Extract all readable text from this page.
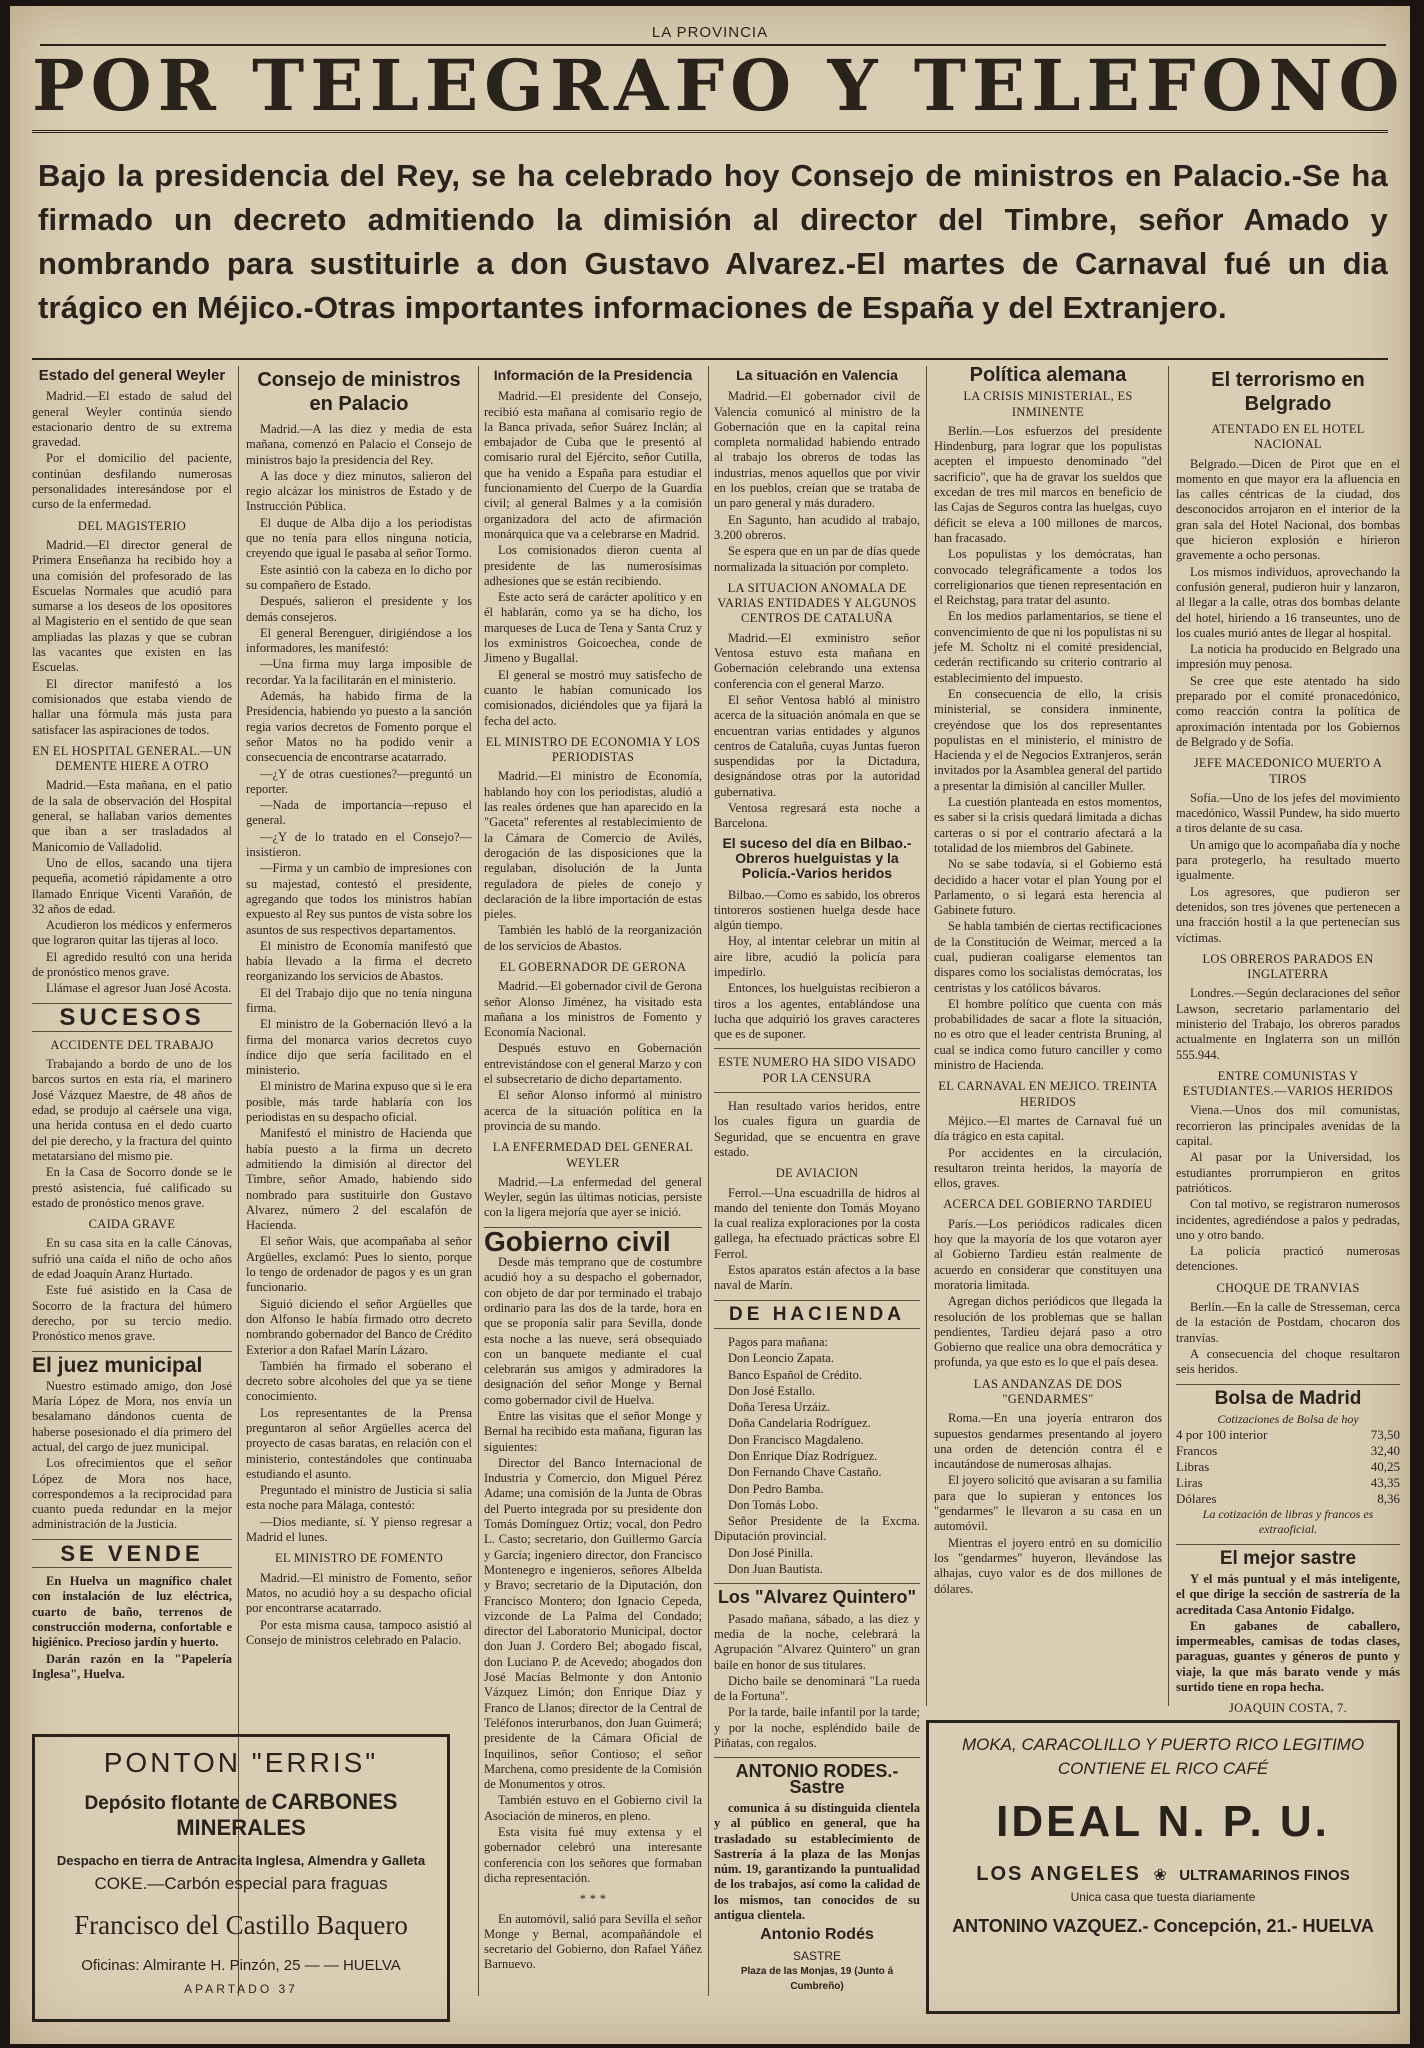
LA PROVINCIA
POR TELEGRAFO Y TELEFONO
Bajo la presidencia del Rey, se ha celebrado hoy Consejo de ministros en Palacio.-Se ha firmado un decreto admitiendo la dimisión al director del Timbre, señor Amado y nombrando para sustituirle a don Gustavo Alvarez.-El martes de Carnaval fué un dia trágico en Méjico.-Otras importantes informaciones de España y del Extranjero.
Estado del general Weyler

Madrid.—El estado de salud del general Weyler continúa siendo estacionario dentro de su extrema gravedad.

Por el domicilio del paciente, continúan desfilando numerosas personalidades interesándose por el curso de la enfermedad.

DEL MAGISTERIO

Madrid.—El director general de Primera Enseñanza ha recibido hoy a una comisión del profesorado de las Escuelas Normales que acudió para sumarse a los deseos de los opositores al Magisterio en el sentido de que sean ampliadas las plazas y que se cubran las vacantes que existen en las Escuelas.

El director manifestó a los comisionados que estaba viendo de hallar una fórmula más justa para satisfacer las aspiraciones de todos.

EN EL HOSPITAL GENERAL.—UN DEMENTE HIERE A OTRO

Madrid.—Esta mañana, en el patio de la sala de observación del Hospital general, se hallaban varios dementes que iban a ser trasladados al Manicomio de Valladolid.

Uno de ellos, sacando una tijera pequeña, acometió rápidamente a otro llamado Enrique Vicenti Varañón, de 32 años de edad.

Acudieron los médicos y enfermeros que lograron quitar las tijeras al loco.

El agredido resultó con una herida de pronóstico menos grave.

Llámase el agresor Juan José Acosta.

SUCESOS
ACCIDENTE DEL TRABAJO

Trabajando a bordo de uno de los barcos surtos en esta ría, el marinero José Vázquez Maestre, de 48 años de edad, se produjo al caérsele una viga, una herida contusa en el dedo cuarto del pie derecho, y la fractura del quinto metatarsiano del mismo pie.

En la Casa de Socorro donde se le prestó asistencia, fué calificado su estado de pronóstico menos grave.

CAIDA GRAVE

En su casa sita en la calle Cánovas, sufrió una caída el niño de ocho años de edad Joaquín Aranz Hurtado.

Este fué asistido en la Casa de Socorro de la fractura del húmero derecho, por su tercio medio. Pronóstico menos grave.

El juez municipal

Nuestro estimado amigo, don José María López de Mora, nos envía un besalamano dándonos cuenta de haberse posesionado el día primero del actual, del cargo de juez municipal.

Los ofrecimientos que el señor López de Mora nos hace, correspondemos a la reciprocidad para cuanto pueda redundar en la mejor administración de la Justicia.

SE VENDE

En Huelva un magnífico chalet con instalación de luz eléctrica, cuarto de baño, terrenos de construcción moderna, confortable e higiénico. Precioso jardín y huerto.

Darán razón en la "Papelería Inglesa", Huelva.

Consejo de ministros en Palacio

Madrid.—A las diez y media de esta mañana, comenzó en Palacio el Consejo de ministros bajo la presidencia del Rey.

A las doce y diez minutos, salieron del regio alcázar los ministros de Estado y de Instrucción Pública.

El duque de Alba dijo a los periodistas que no tenía para ellos ninguna noticia, creyendo que igual le pasaba al señor Tormo.

Este asintió con la cabeza en lo dicho por su compañero de Estado.

Después, salieron el presidente y los demás consejeros.

El general Berenguer, dirigiéndose a los informadores, les manifestó:

—Una firma muy larga imposible de recordar. Ya la facilitarán en el ministerio.

Además, ha habido firma de la Presidencia, habiendo yo puesto a la sanción regia varios decretos de Fomento porque el señor Matos no ha podido venir a consecuencia de encontrarse acatarrado.

—¿Y de otras cuestiones?—preguntó un reporter.

—Nada de importancia—repuso el general.

—¿Y de lo tratado en el Consejo?—insistieron.

—Firma y un cambio de impresiones con su majestad, contestó el presidente, agregando que todos los ministros habían expuesto al Rey sus puntos de vista sobre los asuntos de sus respectivos departamentos.

El ministro de Economía manifestó que había llevado a la firma el decreto reorganizando los servicios de Abastos.

El del Trabajo dijo que no tenía ninguna firma.

El ministro de la Gobernación llevó a la firma del monarca varios decretos cuyo índice dijo que sería facilitado en el ministerio.

El ministro de Marina expuso que si le era posible, más tarde hablaría con los periodistas en su despacho oficial.

Manifestó el ministro de Hacienda que había puesto a la firma un decreto admitiendo la dimisión al director del Timbre, señor Amado, habiendo sido nombrado para sustituirle don Gustavo Alvarez, número 2 del escalafón de Hacienda.

El señor Wais, que acompañaba al señor Argüelles, exclamó: Pues lo siento, porque lo tengo de ordenador de pagos y es un gran funcionario.

Siguió diciendo el señor Argüelles que don Alfonso le había firmado otro decreto nombrando gobernador del Banco de Crédito Exterior a don Rafael Marín Lázaro.

También ha firmado el soberano el decreto sobre alcoholes del que ya se tiene conocimiento.

Los representantes de la Prensa preguntaron al señor Argüelles acerca del proyecto de casas baratas, en relación con el ministerio, contestándoles que continuaba estudiando el asunto.

Preguntado el ministro de Justicia si salía esta noche para Málaga, contestó:

—Dios mediante, sí. Y pienso regresar a Madrid el lunes.

EL MINISTRO DE FOMENTO

Madrid.—El ministro de Fomento, señor Matos, no acudió hoy a su despacho oficial por encontrarse acatarrado.

Por esta misma causa, tampoco asistió al Consejo de ministros celebrado en Palacio.

Información de la Presidencia

Madrid.—El presidente del Consejo, recibió esta mañana al comisario regio de la Banca privada, señor Suárez Inclán; al embajador de Cuba que le presentó al comisario rural del Ejército, señor Cutilla, que ha venido a España para estudiar el funcionamiento del Cuerpo de la Guardia civil; al general Balmes y a la comisión organizadora del acto de afirmación monárquica que va a celebrarse en Madrid.

Los comisionados dieron cuenta al presidente de las numerosísimas adhesiones que se están recibiendo.

Este acto será de carácter apolítico y en él hablarán, como ya se ha dicho, los marqueses de Luca de Tena y Santa Cruz y los exministros Goicoechea, conde de Jimeno y Bugallal.

El general se mostró muy satisfecho de cuanto le habían comunicado los comisionados, diciéndoles que ya fijará la fecha del acto.

EL MINISTRO DE ECONOMIA Y LOS PERIODISTAS

Madrid.—El ministro de Economía, hablando hoy con los periodistas, aludió a las reales órdenes que han aparecido en la "Gaceta" referentes al restablecimiento de la Cámara de Comercio de Avilés, derogación de las disposiciones que la regulaban, disolución de la Junta reguladora de pieles de conejo y declaración de la libre importación de estas pieles.

También les habló de la reorganización de los servicios de Abastos.

EL GOBERNADOR DE GERONA

Madrid.—El gobernador civil de Gerona señor Alonso Jiménez, ha visitado esta mañana a los ministros de Fomento y Economía Nacional.

Después estuvo en Gobernación entrevistándose con el general Marzo y con el subsecretario de dicho departamento.

El señor Alonso informó al ministro acerca de la situación política en la provincia de su mando.

LA ENFERMEDAD DEL GENERAL WEYLER

Madrid.—La enfermedad del general Weyler, según las últimas noticias, persiste con la ligera mejoría que ayer se inició.

Gobierno civil

Desde más temprano que de costumbre acudió hoy a su despacho el gobernador, con objeto de dar por terminado el trabajo ordinario para las dos de la tarde, hora en que se proponía salir para Sevilla, donde esta noche a las nueve, será obsequiado con un banquete mediante el cual celebrarán sus amigos y admiradores la designación del señor Monge y Bernal como gobernador civil de Huelva.

Entre las visitas que el señor Monge y Bernal ha recibido esta mañana, figuran las siguientes:

Director del Banco Internacional de Industria y Comercio, don Miguel Pérez Adame; una comisión de la Junta de Obras del Puerto integrada por su presidente don Tomás Domínguez Ortiz; vocal, don Pedro L. Casto; secretario, don Guillermo García y García; ingeniero director, don Francisco Montenegro e ingenieros, señores Albelda y Bravo; secretario de la Diputación, don Francisco Montero; don Ignacio Cepeda, vizconde de La Palma del Condado; director del Laboratorio Municipal, doctor don Juan J. Cordero Bel; abogado fiscal, don Luciano P. de Acevedo; abogados don José Macías Belmonte y don Antonio Vázquez Limón; don Enrique Díaz y Franco de Llanos; director de la Central de Teléfonos interurbanos, don Juan Guimerá; presidente de la Cámara Oficial de Inquilinos, señor Contioso; el señor Marchena, como presidente de la Comisión de Monumentos y otros.

También estuvo en el Gobierno civil la Asociación de mineros, en pleno.

Esta visita fué muy extensa y el gobernador celebró una interesante conferencia con los señores que formaban dicha representación.

* * *

En automóvil, salió para Sevilla el señor Monge y Bernal, acompañándole el secretario del Gobierno, don Rafael Yáñez Barnuevo.

La situación en Valencia

Madrid.—El gobernador civil de Valencia comunicó al ministro de la Gobernación que en la capital reina completa normalidad habiendo entrado al trabajo los obreros de todas las industrias, menos aquellos que por vivir en los pueblos, creían que se trataba de un paro general y más duradero.

En Sagunto, han acudido al trabajo, 3.200 obreros.

Se espera que en un par de días quede normalizada la situación por completo.

LA SITUACION ANOMALA DE VARIAS ENTIDADES Y ALGUNOS CENTROS DE CATALUÑA

Madrid.—El exministro señor Ventosa estuvo esta mañana en Gobernación celebrando una extensa conferencia con el general Marzo.

El señor Ventosa habló al ministro acerca de la situación anómala en que se encuentran varias entidades y algunos centros de Cataluña, cuyas Juntas fueron suspendidas por la Dictadura, designándose otras por la autoridad gubernativa.

Ventosa regresará esta noche a Barcelona.

El suceso del día en Bilbao.-Obreros huelguistas y la Policía.-Varios heridos

Bilbao.—Como es sabido, los obreros tintoreros sostienen huelga desde hace algún tiempo.

Hoy, al intentar celebrar un mitin al aire libre, acudió la policía para impedirlo.

Entonces, los huelguistas recibieron a tiros a los agentes, entablándose una lucha que adquirió los graves caracteres que es de suponer.

ESTE NUMERO HA SIDO VISADO POR LA CENSURA

Han resultado varios heridos, entre los cuales figura un guardia de Seguridad, que se encuentra en grave estado.

DE AVIACION

Ferrol.—Una escuadrilla de hidros al mando del teniente don Tomás Moyano la cual realiza exploraciones por la costa gallega, ha efectuado prácticas sobre El Ferrol.

Estos aparatos están afectos a la base naval de Marín.

DE HACIENDA

Pagos para mañana:

Don Leoncio Zapata.

Banco Español de Crédito.

Don José Estallo.

Doña Teresa Urzáiz.

Doña Candelaria Rodríguez.

Don Francisco Magdaleno.

Don Enrique Díaz Rodríguez.

Don Fernando Chave Castaño.

Don Pedro Bamba.

Don Tomás Lobo.

Señor Presidente de la Excma. Diputación provincial.

Don José Pinilla.

Don Juan Bautista.

Los "Alvarez Quintero"

Pasado mañana, sábado, a las diez y media de la noche, celebrará la Agrupación "Alvarez Quintero" un gran baile en honor de sus titulares.

Dicho baile se denominará "La rueda de la Fortuna".

Por la tarde, baile infantil por la tarde; y por la noche, espléndido baile de Piñatas, con regalos.

ANTONIO RODES.-Sastre

comunica á su distinguida clientela y al público en general, que ha trasladado su establecimiento de Sastrería á la plaza de las Monjas núm. 19, garantizando la puntualidad de los trabajos, así como la calidad de los mismos, tan conocidos de su antigua clientela.

Antonio Rodés
SASTRE
Plaza de las Monjas, 19 (Junto á Cumbreño)
Política alemana
LA CRISIS MINISTERIAL, ES INMINENTE

Berlín.—Los esfuerzos del presidente Hindenburg, para lograr que los populistas acepten el impuesto denominado "del sacrificio", que ha de gravar los sueldos que excedan de tres mil marcos en beneficio de las Cajas de Seguros contra las huelgas, cuyo déficit se eleva a 100 millones de marcos, han fracasado.

Los populistas y los demócratas, han convocado telegráficamente a todos los correligionarios que tienen representación en el Reichstag, para tratar del asunto.

En los medios parlamentarios, se tiene el convencimiento de que ni los populistas ni su jefe M. Scholtz ni el comité presidencial, cederán rectificando su criterio contrario al establecimiento del impuesto.

En consecuencia de ello, la crisis ministerial, se considera inminente, creyéndose que los dos representantes populistas en el ministerio, el ministro de Hacienda y el de Negocios Extranjeros, serán invitados por la Asamblea general del partido a presentar la dimisión al canciller Muller.

La cuestión planteada en estos momentos, es saber si la crisis quedará limitada a dichas carteras o si por el contrario afectará a la totalidad de los miembros del Gabinete.

No se sabe todavía, si el Gobierno está decidido a hacer votar el plan Young por el Parlamento, o si legará esta herencia al Gabinete futuro.

Se habla también de ciertas rectificaciones de la Constitución de Weimar, merced a la cual, pudieran coaligarse elementos tan dispares como los socialistas demócratas, los centristas y los católicos bávaros.

El hombre político que cuenta con más probabilidades de sacar a flote la situación, no es otro que el leader centrista Bruning, al cual se indica como futuro canciller y como ministro de Hacienda.

EL CARNAVAL EN MEJICO. TREINTA HERIDOS

Méjico.—El martes de Carnaval fué un día trágico en esta capital.

Por accidentes en la circulación, resultaron treinta heridos, la mayoría de ellos, graves.

ACERCA DEL GOBIERNO TARDIEU

París.—Los periódicos radicales dicen hoy que la mayoría de los que votaron ayer al Gobierno Tardieu están realmente de acuerdo en considerar que constituyen una moratoria limitada.

Agregan dichos periódicos que llegada la resolución de los problemas que se hallan pendientes, Tardieu dejará paso a otro Gobierno que realice una obra democrática y profunda, ya que esto es lo que el país desea.

LAS ANDANZAS DE DOS "GENDARMES"

Roma.—En una joyería entraron dos supuestos gendarmes presentando al joyero una orden de detención contra él e incautándose de numerosas alhajas.

El joyero solicitó que avisaran a su familia para que lo supieran y entonces los "gendarmes" le llevaron a su casa en un automóvil.

Mientras el joyero entró en su domicilio los "gendarmes" huyeron, llevándose las alhajas, cuyo valor es de dos millones de dólares.

El terrorismo en Belgrado
ATENTADO EN EL HOTEL NACIONAL

Belgrado.—Dicen de Pirot que en el momento en que mayor era la afluencia en las calles céntricas de la ciudad, dos desconocidos arrojaron en el interior de la gran sala del Hotel Nacional, dos bombas que hicieron explosión e hirieron gravemente a ocho personas.

Los mismos individuos, aprovechando la confusión general, pudieron huir y lanzaron, al llegar a la calle, otras dos bombas delante del hotel, hiriendo a 16 transeuntes, uno de los cuales murió antes de llegar al hospital.

La noticia ha producido en Belgrado una impresión muy penosa.

Se cree que este atentado ha sido preparado por el comité pronacedónico, como reacción contra la política de aproximación intentada por los Gobiernos de Belgrado y de Sofía.

JEFE MACEDONICO MUERTO A TIROS

Sofía.—Uno de los jefes del movimiento macedónico, Wassil Pundew, ha sido muerto a tiros delante de su casa.

Un amigo que lo acompañaba día y noche para protegerlo, ha resultado muerto igualmente.

Los agresores, que pudieron ser detenidos, son tres jóvenes que pertenecen a una fracción hostil a la que pertenecían sus víctimas.

LOS OBREROS PARADOS EN INGLATERRA

Londres.—Según declaraciones del señor Lawson, secretario parlamentario del ministerio del Trabajo, los obreros parados actualmente en Inglaterra son un millón 555.944.

ENTRE COMUNISTAS Y ESTUDIANTES.—VARIOS HERIDOS

Viena.—Unos dos mil comunistas, recorrieron las principales avenidas de la capital.

Al pasar por la Universidad, los estudiantes prorrumpieron en gritos patrióticos.

Con tal motivo, se registraron numerosos incidentes, agrediéndose a palos y pedradas, uno y otro bando.

La policía practicó numerosas detenciones.

CHOQUE DE TRANVIAS

Berlín.—En la calle de Stresseman, cerca de la estación de Postdam, chocaron dos tranvías.

A consecuencia del choque resultaron seis heridos.

Bolsa de Madrid
Cotizaciones de Bolsa de hoy
4 por 100 interior	73,50
Francos	32,40
Libras	40,25
Liras	43,35
Dólares	8,36
La cotización de libras y francos es extraoficial.
El mejor sastre

Y el más puntual y el más inteligente, el que dirige la sección de sastrería de la acreditada Casa Antonio Fidalgo.

En gabanes de caballero, impermeables, camisas de todas clases, paraguas, guantes y géneros de punto y viaje, la que más barato vende y más surtido tiene en ropa hecha.

JOAQUIN COSTA, 7.
PONTON "ERRIS"
Depósito flotante de CARBONES MINERALES
Despacho en tierra de Antracita Inglesa, Almendra y Galleta
COKE.—Carbón especial para fraguas
Francisco del Castillo Baquero
Oficinas: Almirante H. Pinzón, 25 — — HUELVA
APARTADO 37
MOKA, CARACOLILLO Y PUERTO RICO LEGITIMO
CONTIENE EL RICO CAFÉ
IDEAL N. P. U.
LOS ANGELES ❀ ULTRAMARINOS FINOS
Unica casa que tuesta diariamente
ANTONINO VAZQUEZ.- Concepción, 21.- HUELVA
